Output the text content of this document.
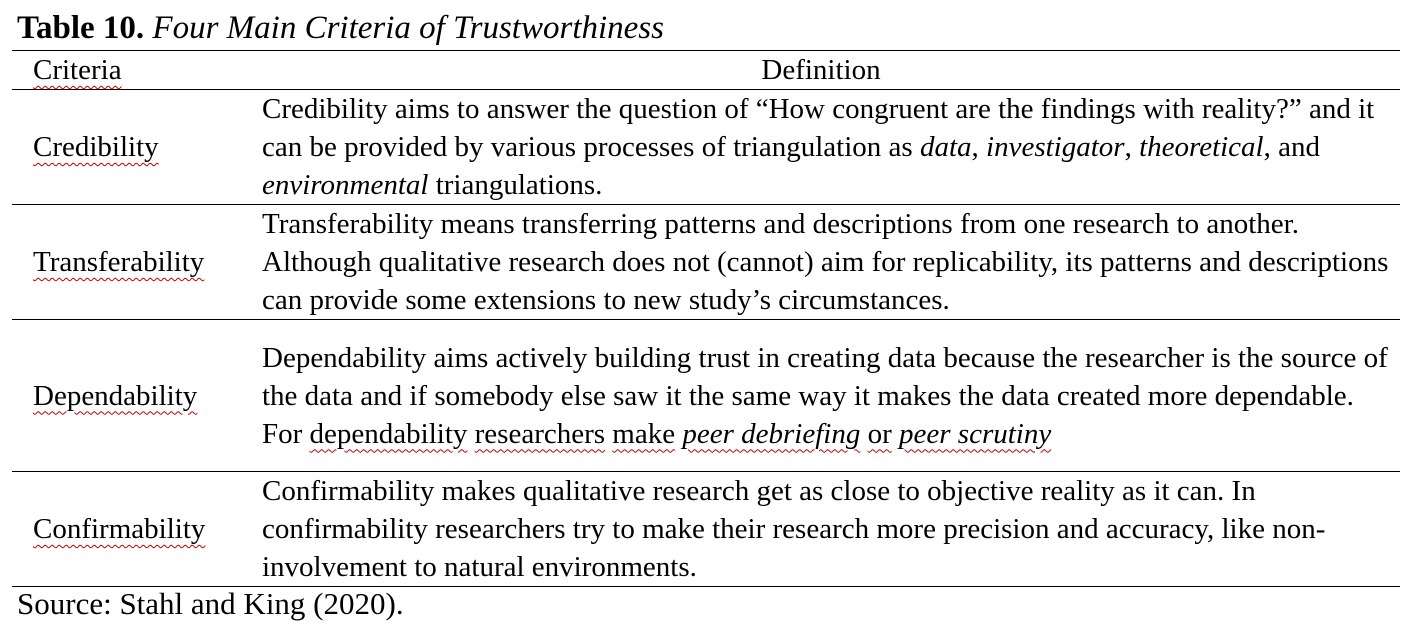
Table 10. Four Main Criteria of Trustworthiness
Criteria	Definition
Credibility	Credibility aims to answer the question of “How congruent are the findings with reality?” and it can be provided by various processes of triangulation as data, investigator, theoretical, and environmental triangulations.
Transferability	Transferability means transferring patterns and descriptions from one research to another. Although qualitative research does not (cannot) aim for replicability, its patterns and descriptions can provide some extensions to new study’s circumstances.
Dependability	Dependability aims actively building trust in creating data because the researcher is the source of the data and if somebody else saw it the same way it makes the data created more dependable. For dependability researchers make peer debriefing or peer scrutiny
Confirmability	Confirmability makes qualitative research get as close to objective reality as it can. In confirmability researchers try to make their research more precision and accuracy, like non-involvement to natural environments.
Source: Stahl and King (2020).
